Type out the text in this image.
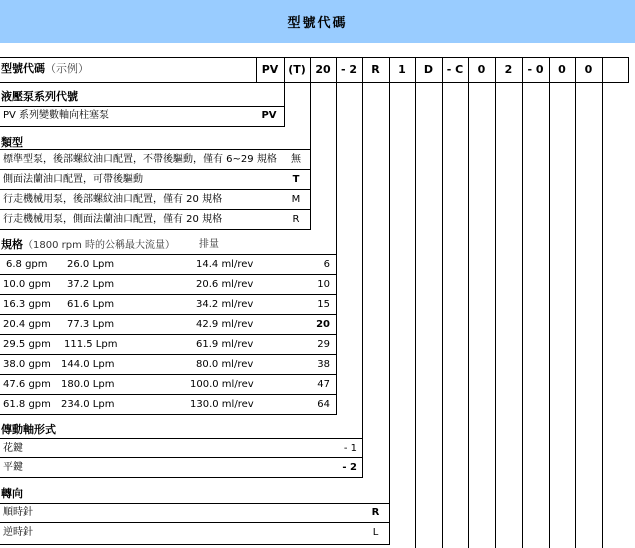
型號代碼
型號代碼（示例）	PV (T) 20 - 2	R	1	D	- C	0	2	- 0	0	0
液壓泵系列代號
PV 系列變數軸向柱塞泵	PV
類型
標準型泵，後部螺紋油口配置，不帶後驅動，僅有 6~29 規格	無
側面法蘭油口配置，可帶後驅動	T
行走機械用泵，後部螺紋油口配置，僅有 20 規格	M
行走機械用泵，側面法蘭油口配置，僅有 20 規格	R
規格（1800 rpm 時的公稱最大流量） 排量
6.8 gpm 26.0 Lpm	14.4 ml/rev	6
10.0 gpm 37.2 Lpm	20.6 ml/rev	10
16.3 gpm 61.6 Lpm	34.2 ml/rev	15
20.4 gpm 77.3 Lpm	42.9 ml/rev	20
29.5 gpm 111.5 Lpm	61.9 ml/rev	29
38.0 gpm 144.0 Lpm	80.0 ml/rev	38
47.6 gpm 180.0 Lpm	100.0 ml/rev	47
61.8 gpm 234.0 Lpm	130.0 ml/rev	64
傳動軸形式
花鍵	- 1
平鍵	- 2
轉向
順時針	R
逆時針	L
